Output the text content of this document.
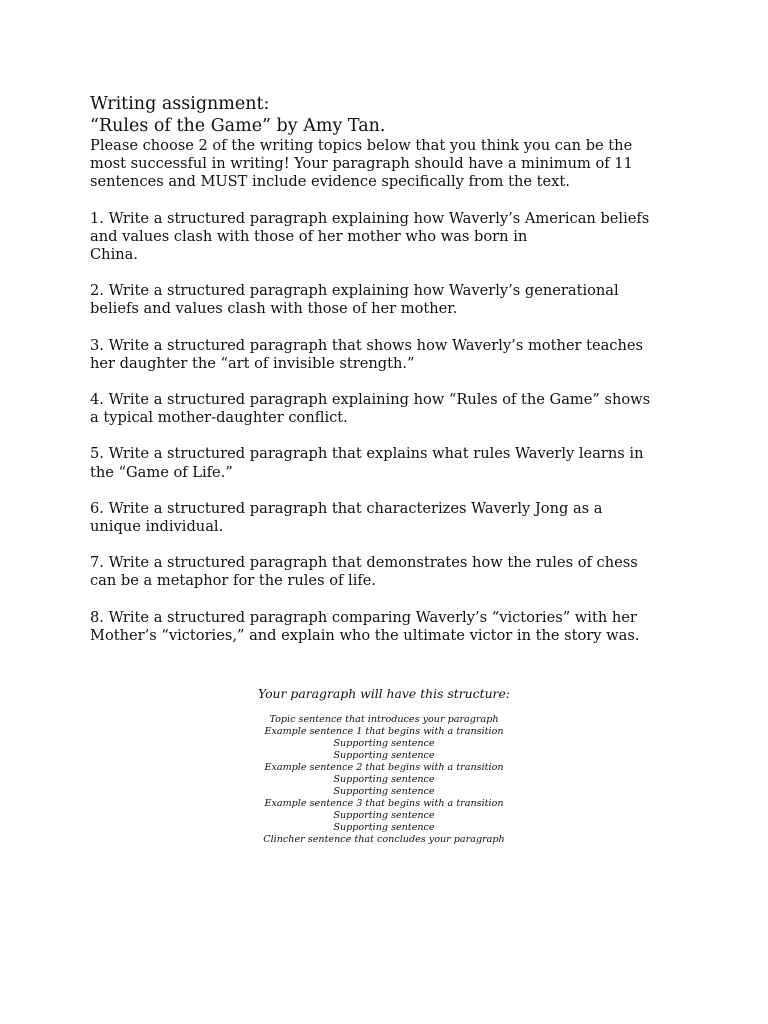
Writing assignment:
“Rules of the Game” by Amy Tan.

Please choose 2 of the writing topics below that you think you can be the
most successful in writing! Your paragraph should have a minimum of 11
sentences and MUST include evidence specifically from the text.

1. Write a structured paragraph explaining how Waverly’s American beliefs
and values clash with those of her mother who was born in
China.

2. Write a structured paragraph explaining how Waverly’s generational
beliefs and values clash with those of her mother.

3. Write a structured paragraph that shows how Waverly’s mother teaches
her daughter the “art of invisible strength.”

4. Write a structured paragraph explaining how “Rules of the Game” shows
a typical mother-daughter conflict.

5. Write a structured paragraph that explains what rules Waverly learns in
the “Game of Life.”

6. Write a structured paragraph that characterizes Waverly Jong as a
unique individual.

7. Write a structured paragraph that demonstrates how the rules of chess
can be a metaphor for the rules of life.

8. Write a structured paragraph comparing Waverly’s “victories” with her
Mother’s “victories,” and explain who the ultimate victor in the story was.

Your paragraph will have this structure:

Topic sentence that introduces your paragraph
Example sentence 1 that begins with a transition
Supporting sentence
Supporting sentence
Example sentence 2 that begins with a transition
Supporting sentence
Supporting sentence
Example sentence 3 that begins with a transition
Supporting sentence
Supporting sentence
Clincher sentence that concludes your paragraph
